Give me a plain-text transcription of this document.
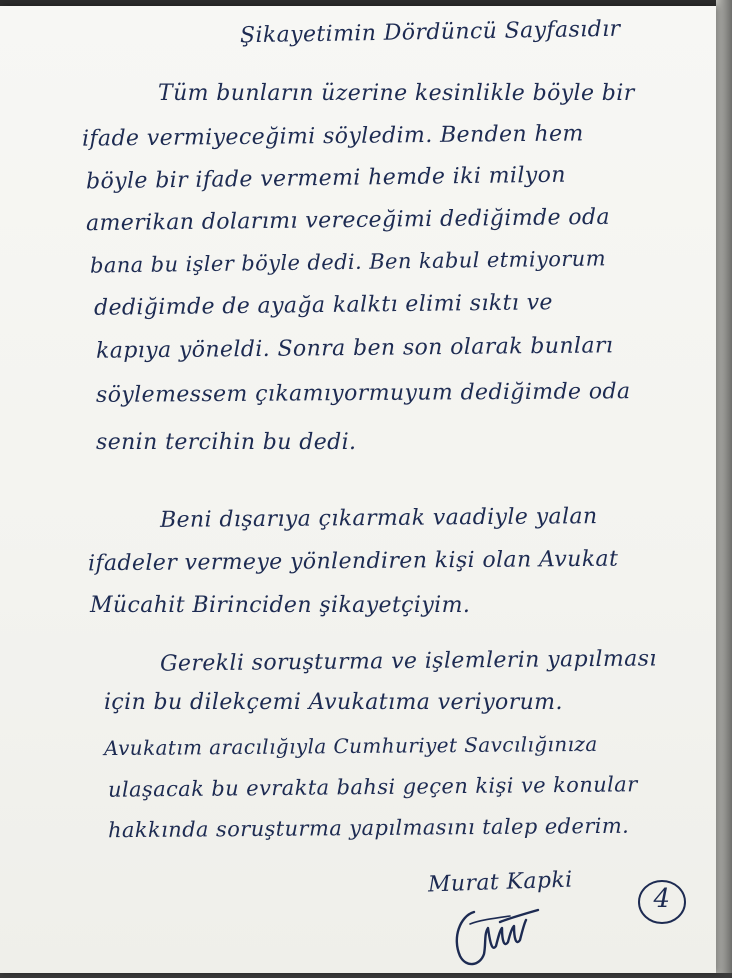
Şikayetimin Dördüncü Sayfasıdır
Tüm bunların üzerine kesinlikle böyle bir
ifade vermiyeceğimi söyledim. Benden hem
böyle bir ifade vermemi hemde iki milyon
amerikan dolarımı vereceğimi dediğimde oda
bana bu işler böyle dedi. Ben kabul etmiyorum
dediğimde de ayağa kalktı elimi sıktı ve
kapıya yöneldi. Sonra ben son olarak bunları
söylemessem çıkamıyormuyum dediğimde oda
senin tercihin bu dedi.
Beni dışarıya çıkarmak vaadiyle yalan
ifadeler vermeye yönlendiren kişi olan Avukat
Mücahit Birinciden şikayetçiyim.
Gerekli soruşturma ve işlemlerin yapılması
için bu dilekçemi Avukatıma veriyorum.
Avukatım aracılığıyla Cumhuriyet Savcılığınıza
ulaşacak bu evrakta bahsi geçen kişi ve konular
hakkında soruşturma yapılmasını talep ederim.
Murat Kapki
4
